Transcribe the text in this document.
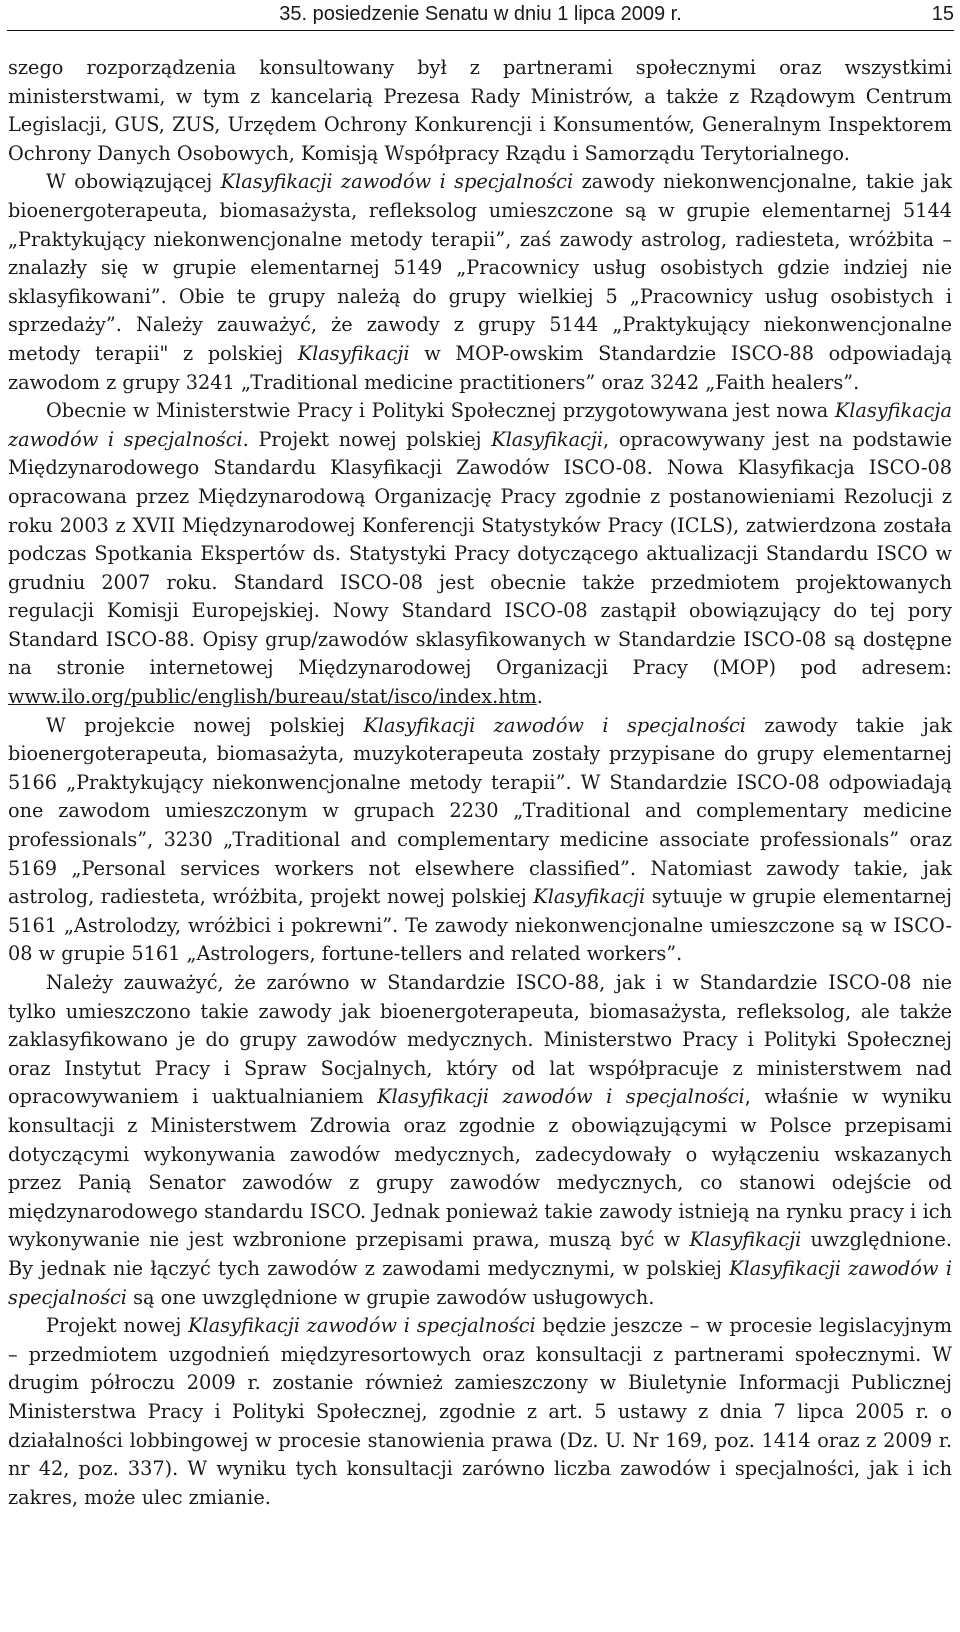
35. posiedzenie Senatu w dniu 1 lipca 2009 r.	15

szego rozporządzenia konsultowany był z partnerami społecznymi oraz wszystkimi ministerstwami, w tym z kancelarią Prezesa Rady Ministrów, a także z Rządowym Centrum Legislacji, GUS, ZUS, Urzędem Ochrony Konkurencji i Konsumentów, Generalnym Inspektorem Ochrony Danych Osobowych, Komisją Współpracy Rządu i Samorządu Terytorialnego.

W obowiązującej Klasyfikacji zawodów i specjalności zawody niekonwencjonalne, takie jak bioenergoterapeuta, biomasażysta, refleksolog umieszczone są w grupie elementarnej 5144 „Praktykujący niekonwencjonalne metody terapii”, zaś zawody astrolog, radiesteta, wróżbita – znalazły się w grupie elementarnej 5149 „Pracownicy usług osobistych gdzie indziej nie sklasyfikowani”. Obie te grupy należą do grupy wielkiej 5 „Pracownicy usług osobistych i sprzedaży”. Należy zauważyć, że zawody z grupy 5144 „Praktykujący niekonwencjonalne metody terapii" z polskiej Klasyfikacji w MOP-owskim Standardzie ISCO-88 odpowiadają zawodom z grupy 3241 „Traditional medicine practitioners” oraz 3242 „Faith healers”.

Obecnie w Ministerstwie Pracy i Polityki Społecznej przygotowywana jest nowa Klasyfikacja zawodów i specjalności. Projekt nowej polskiej Klasyfikacji, opracowywany jest na podstawie Międzynarodowego Standardu Klasyfikacji Zawodów ISCO-08. Nowa Klasyfikacja ISCO-08 opracowana przez Międzynarodową Organizację Pracy zgodnie z postanowieniami Rezolucji z roku 2003 z XVII Międzynarodowej Konferencji Statystyków Pracy (ICLS), zatwierdzona została podczas Spotkania Ekspertów ds. Statystyki Pracy dotyczącego aktualizacji Standardu ISCO w grudniu 2007 roku. Standard ISCO-08 jest obecnie także przedmiotem projektowanych regulacji Komisji Europejskiej. Nowy Standard ISCO-08 zastąpił obowiązujący do tej pory Standard ISCO-88. Opisy grup/zawodów sklasyfikowanych w Standardzie ISCO-08 są dostępne na stronie internetowej Międzynarodowej Organizacji Pracy (MOP) pod adresem: www.ilo.org/public/english/bureau/stat/isco/index.htm.

W projekcie nowej polskiej Klasyfikacji zawodów i specjalności zawody takie jak bioenergoterapeuta, biomasażyta, muzykoterapeuta zostały przypisane do grupy elementarnej 5166 „Praktykujący niekonwencjonalne metody terapii”. W Standardzie ISCO-08 odpowiadają one zawodom umieszczonym w grupach 2230 „Traditional and complementary medicine professionals”, 3230 „Traditional and complementary medicine associate professionals” oraz 5169 „Personal services workers not elsewhere classified”. Natomiast zawody takie, jak astrolog, radiesteta, wróżbita, projekt nowej polskiej Klasyfikacji sytuuje w grupie elementarnej 5161 „Astrolodzy, wróżbici i pokrewni”. Te zawody niekonwencjonalne umieszczone są w ISCO-08 w grupie 5161 „Astrologers, fortune-tellers and related workers”.

Należy zauważyć, że zarówno w Standardzie ISCO-88, jak i w Standardzie ISCO-08 nie tylko umieszczono takie zawody jak bioenergoterapeuta, biomasażysta, refleksolog, ale także zaklasyfikowano je do grupy zawodów medycznych. Ministerstwo Pracy i Polityki Społecznej oraz Instytut Pracy i Spraw Socjalnych, który od lat współpracuje z ministerstwem nad opracowywaniem i uaktualnianiem Klasyfikacji zawodów i specjalności, właśnie w wyniku konsultacji z Ministerstwem Zdrowia oraz zgodnie z obowiązującymi w Polsce przepisami dotyczącymi wykonywania zawodów medycznych, zadecydowały o wyłączeniu wskazanych przez Panią Senator zawodów z grupy zawodów medycznych, co stanowi odejście od międzynarodowego standardu ISCO. Jednak ponieważ takie zawody istnieją na rynku pracy i ich wykonywanie nie jest wzbronione przepisami prawa, muszą być w Klasyfikacji uwzględnione. By jednak nie łączyć tych zawodów z zawodami medycznymi, w polskiej Klasyfikacji zawodów i specjalności są one uwzględnione w grupie zawodów usługowych.

Projekt nowej Klasyfikacji zawodów i specjalności będzie jeszcze – w procesie legislacyjnym – przedmiotem uzgodnień międzyresortowych oraz konsultacji z partnerami społecznymi. W drugim półroczu 2009 r. zostanie również zamieszczony w Biuletynie Informacji Publicznej Ministerstwa Pracy i Polityki Społecznej, zgodnie z art. 5 ustawy z dnia 7 lipca 2005 r. o działalności lobbingowej w procesie stanowienia prawa (Dz. U. Nr 169, poz. 1414 oraz z 2009 r. nr 42, poz. 337). W wyniku tych konsultacji zarówno liczba zawodów i specjalności, jak i ich zakres, może ulec zmianie.
